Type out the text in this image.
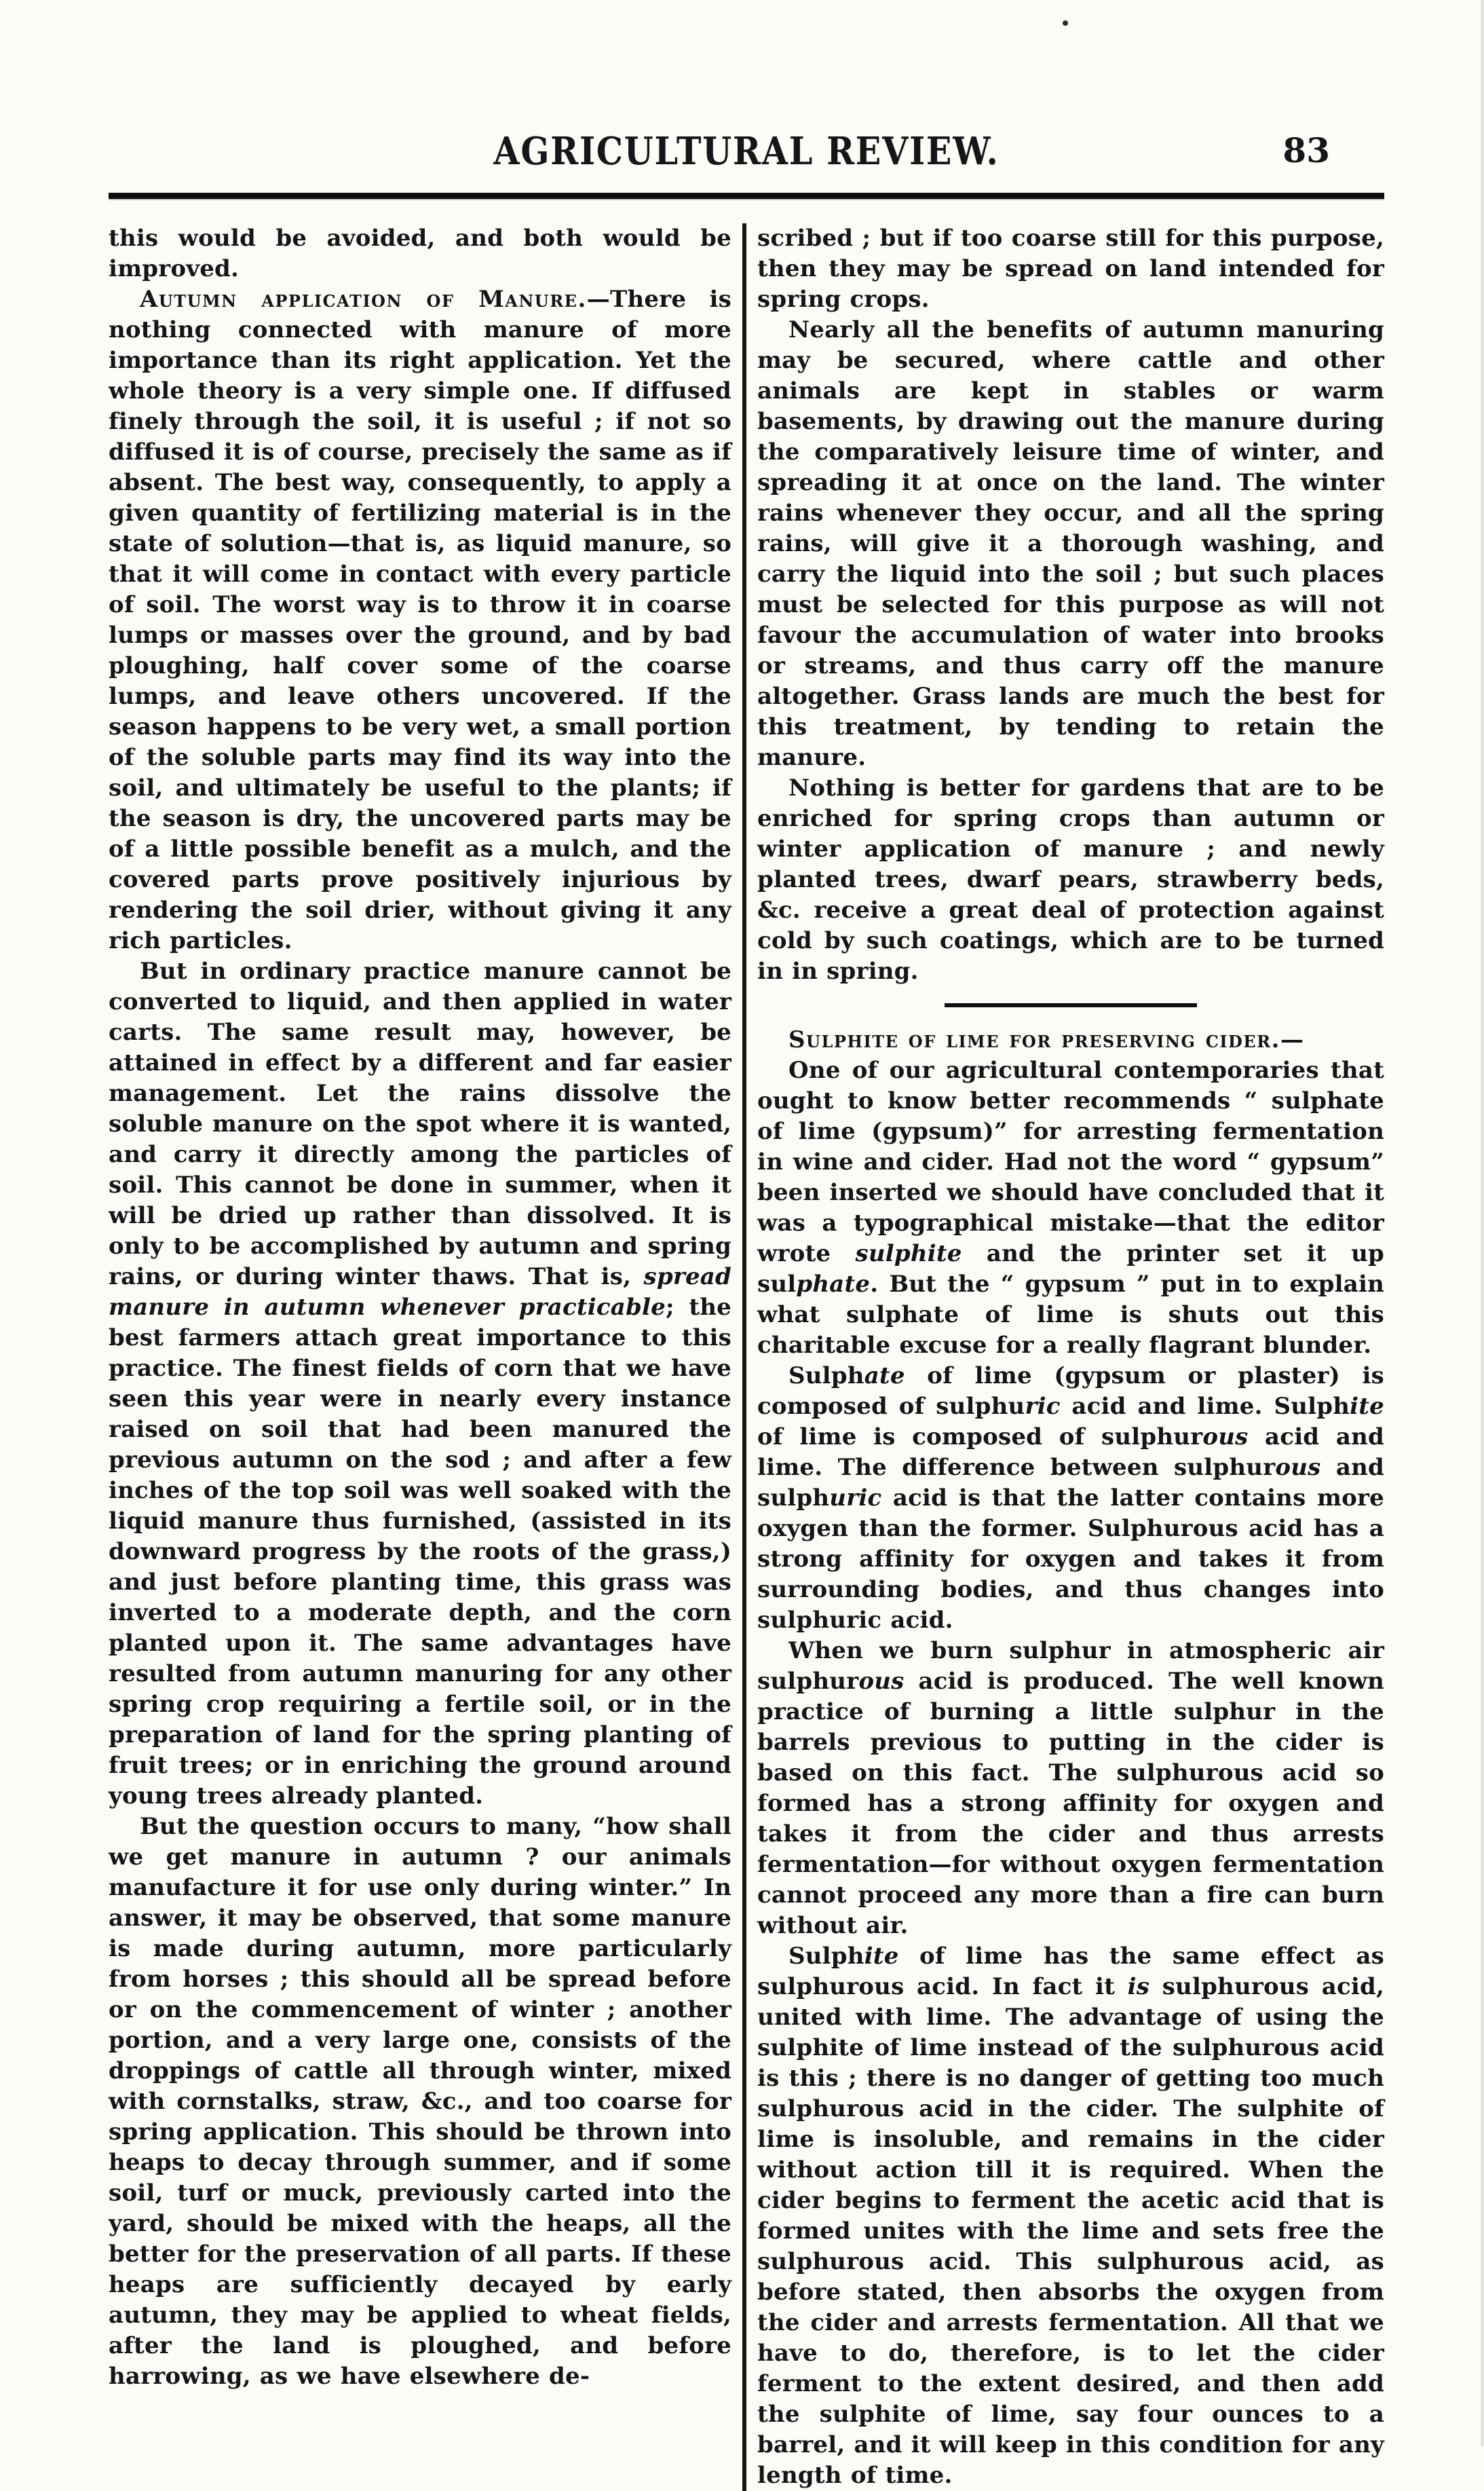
AGRICULTURAL REVIEW.	83

this would be avoided, and both would be improved.

Autumn application of Manure.—There is nothing connected with manure of more importance than its right application. Yet the whole theory is a very simple one. If diffused finely through the soil, it is useful ; if not so diffused it is of course, precisely the same as if absent. The best way, consequently, to apply a given quantity of fertilizing material is in the state of solution—that is, as liquid manure, so that it will come in contact with every particle of soil. The worst way is to throw it in coarse lumps or masses over the ground, and by bad ploughing, half cover some of the coarse lumps, and leave others uncovered. If the season happens to be very wet, a small portion of the soluble parts may find its way into the soil, and ultimately be useful to the plants; if the season is dry, the uncovered parts may be of a little possible benefit as a mulch, and the covered parts prove positively injurious by rendering the soil drier, without giving it any rich particles.

But in ordinary practice manure cannot be converted to liquid, and then applied in water carts. The same result may, however, be attained in effect by a different and far easier management. Let the rains dissolve the soluble manure on the spot where it is wanted, and carry it directly among the particles of soil. This cannot be done in summer, when it will be dried up rather than dissolved. It is only to be accomplished by autumn and spring rains, or during winter thaws. That is, spread manure in autumn whenever practicable; the best farmers attach great importance to this practice. The finest fields of corn that we have seen this year were in nearly every instance raised on soil that had been manured the previous autumn on the sod ; and after a few inches of the top soil was well soaked with the liquid manure thus furnished, (assisted in its downward progress by the roots of the grass,) and just before planting time, this grass was inverted to a moderate depth, and the corn planted upon it. The same advantages have resulted from autumn manuring for any other spring crop requiring a fertile soil, or in the preparation of land for the spring planting of fruit trees; or in enriching the ground around young trees already planted.

But the question occurs to many, “how shall we get manure in autumn ? our animals manufacture it for use only during winter.” In answer, it may be observed, that some manure is made during autumn, more particularly from horses ; this should all be spread before or on the commencement of winter ; another portion, and a very large one, consists of the droppings of cattle all through winter, mixed with cornstalks, straw, &c., and too coarse for spring application. This should be thrown into heaps to decay through summer, and if some soil, turf or muck, previously carted into the yard, should be mixed with the heaps, all the better for the preservation of all parts. If these heaps are sufficiently decayed by early autumn, they may be applied to wheat fields, after the land is ploughed, and before harrowing, as we have elsewhere de-

scribed ; but if too coarse still for this purpose, then they may be spread on land intended for spring crops.

Nearly all the benefits of autumn manuring may be secured, where cattle and other animals are kept in stables or warm basements, by drawing out the manure during the comparatively leisure time of winter, and spreading it at once on the land. The winter rains whenever they occur, and all the spring rains, will give it a thorough washing, and carry the liquid into the soil ; but such places must be selected for this purpose as will not favour the accumulation of water into brooks or streams, and thus carry off the manure altogether. Grass lands are much the best for this treatment, by tending to retain the manure.

Nothing is better for gardens that are to be enriched for spring crops than autumn or winter application of manure ; and newly planted trees, dwarf pears, strawberry beds, &c. receive a great deal of protection against cold by such coatings, which are to be turned in in spring.

Sulphite of lime for preserving cider.—

One of our agricultural contemporaries that ought to know better recommends “ sulphate of lime (gypsum)” for arresting fermentation in wine and cider. Had not the word “ gypsum” been inserted we should have concluded that it was a typographical mistake—that the editor wrote sulphite and the printer set it up sulphate. But the “ gypsum ” put in to explain what sulphate of lime is shuts out this charitable excuse for a really flagrant blunder.

Sulphate of lime (gypsum or plaster) is composed of sulphuric acid and lime. Sulphite of lime is composed of sulphurous acid and lime. The difference between sulphurous and sulphuric acid is that the latter contains more oxygen than the former. Sulphurous acid has a strong affinity for oxygen and takes it from surrounding bodies, and thus changes into sulphuric acid.

When we burn sulphur in atmospheric air sulphurous acid is produced. The well known practice of burning a little sulphur in the barrels previous to putting in the cider is based on this fact. The sulphurous acid so formed has a strong affinity for oxygen and takes it from the cider and thus arrests fermentation—for without oxygen fermentation cannot proceed any more than a fire can burn without air.

Sulphite of lime has the same effect as sulphurous acid. In fact it is sulphurous acid, united with lime. The advantage of using the sulphite of lime instead of the sulphurous acid is this ; there is no danger of getting too much sulphurous acid in the cider. The sulphite of lime is insoluble, and remains in the cider without action till it is required. When the cider begins to ferment the acetic acid that is formed unites with the lime and sets free the sulphurous acid. This sulphurous acid, as before stated, then absorbs the oxygen from the cider and arrests fermentation. All that we have to do, therefore, is to let the cider ferment to the extent desired, and then add the sulphite of lime, say four ounces to a barrel, and it will keep in this condition for any length of time.
